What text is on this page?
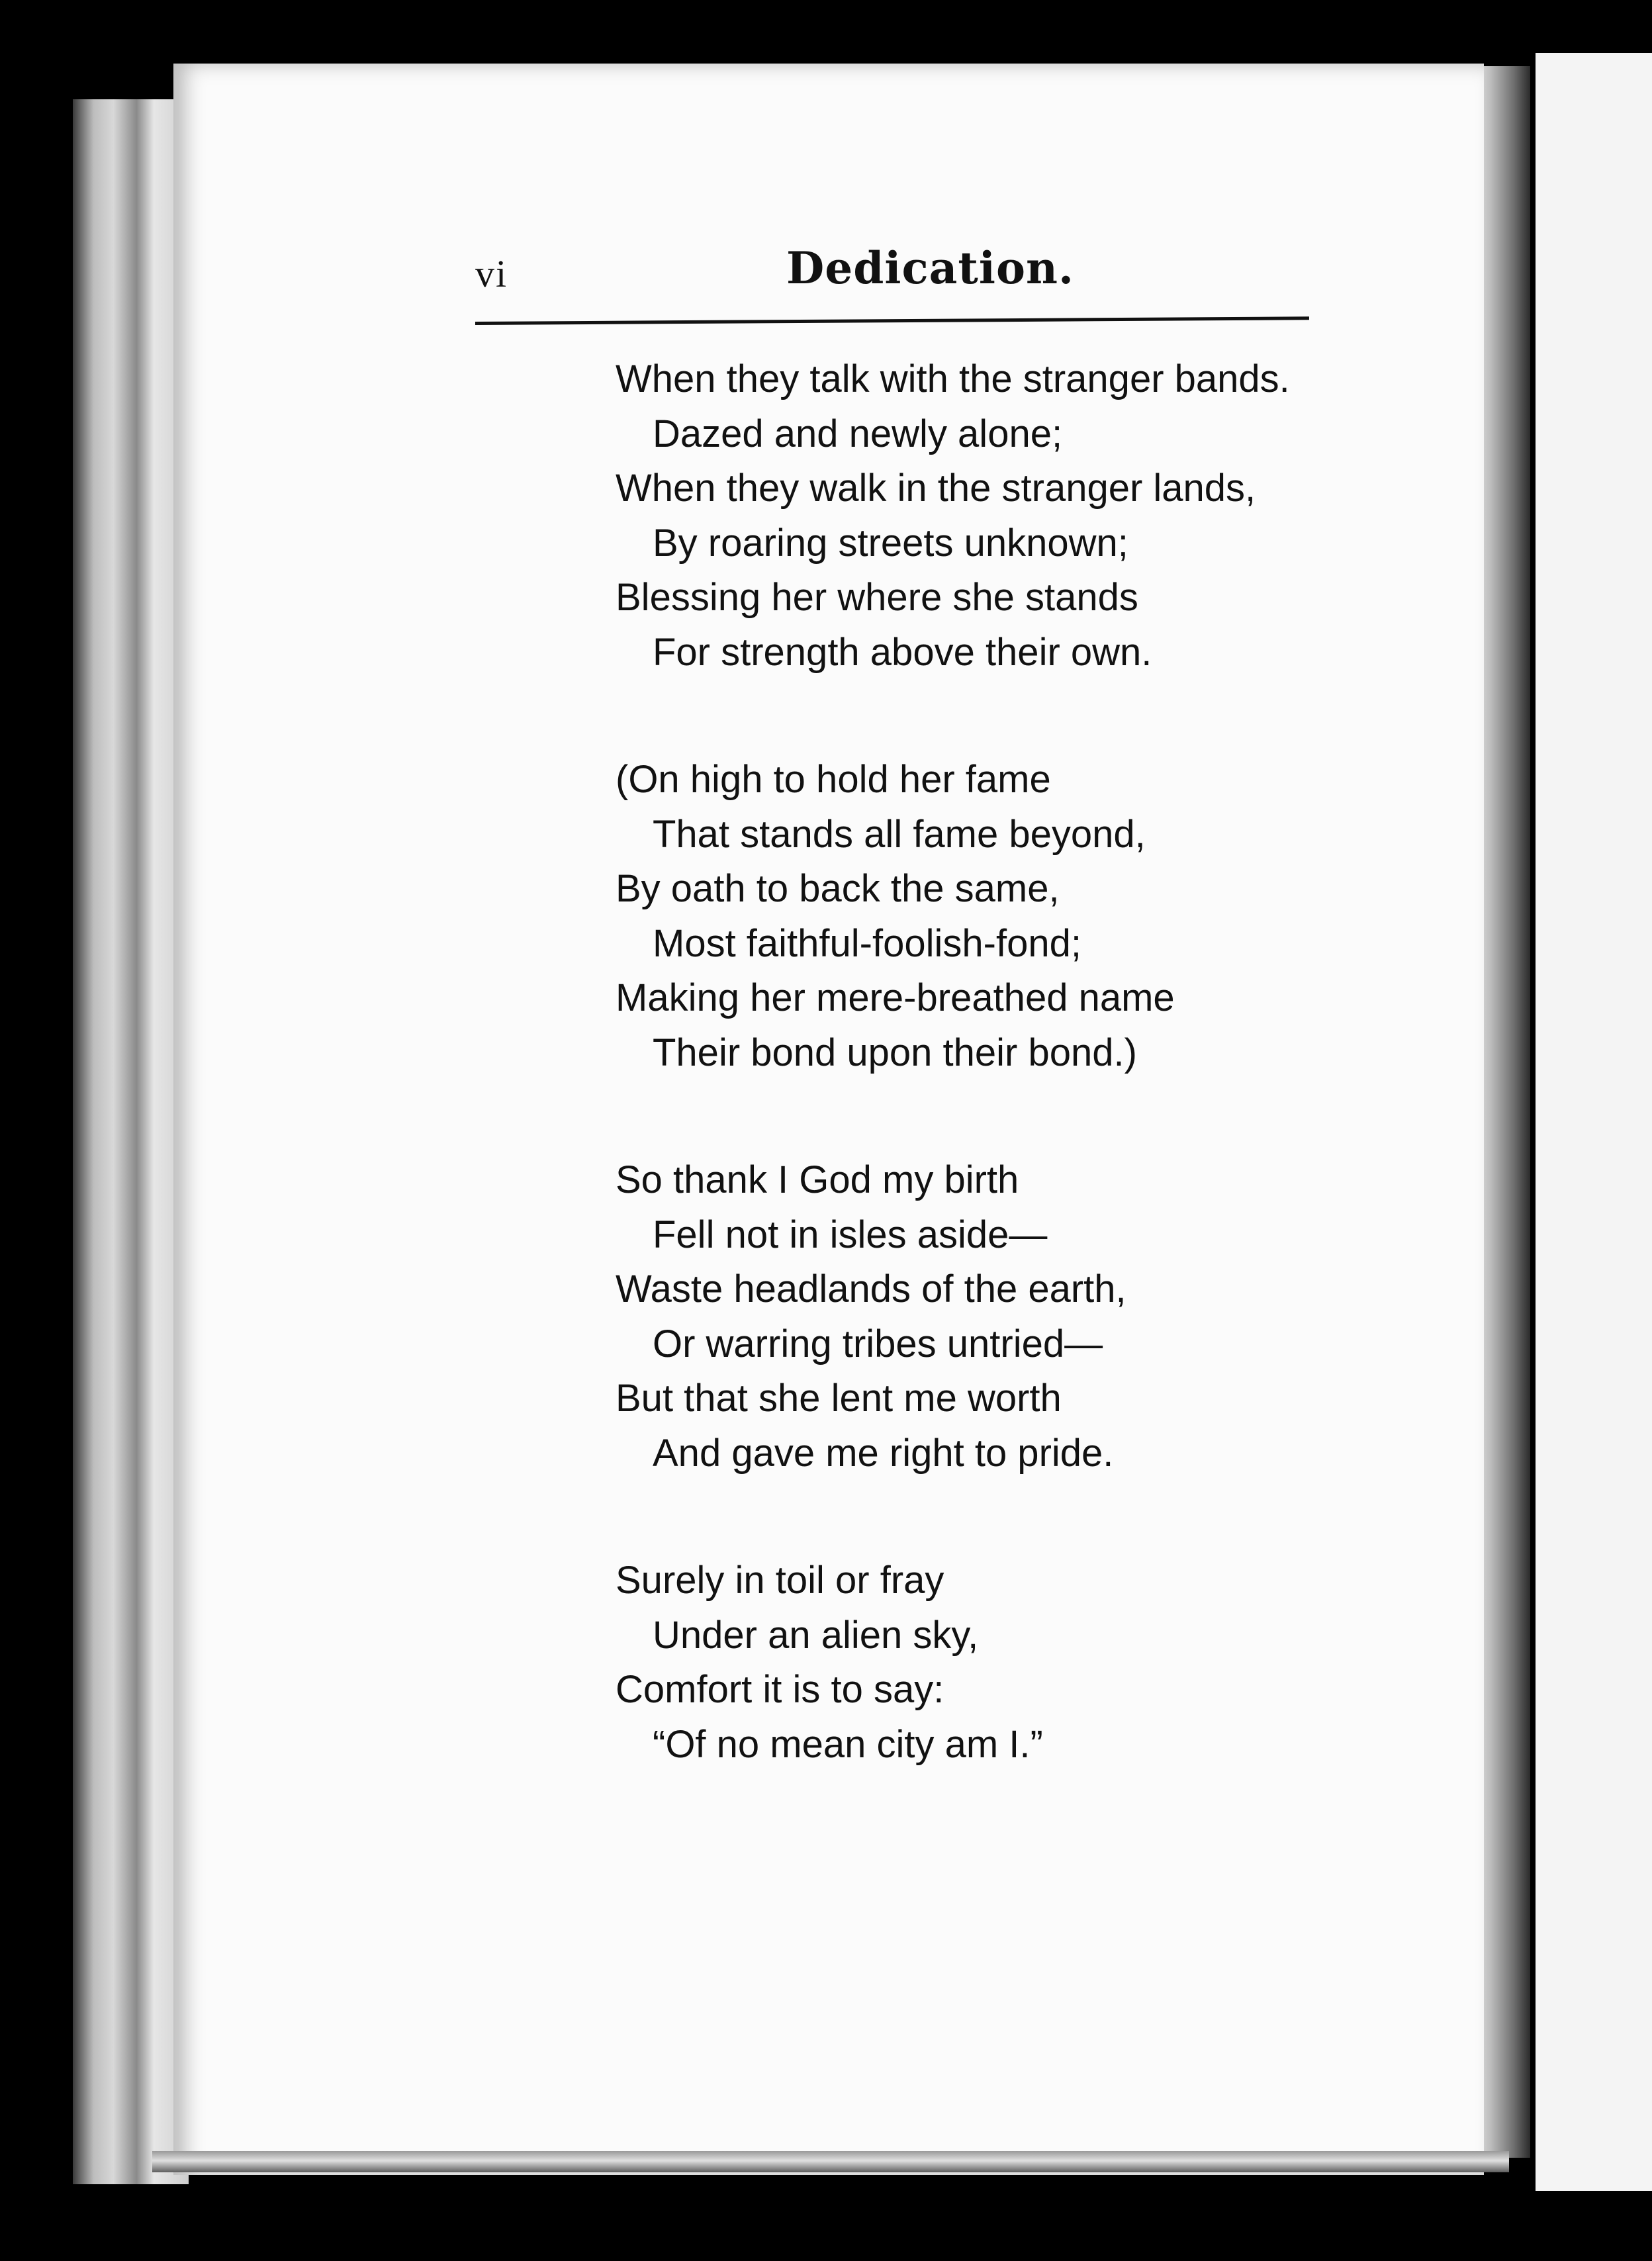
vi	Dedication.
When they talk with the stranger bands.
Dazed and newly alone;
When they walk in the stranger lands,
By roaring streets unknown;
Blessing her where she stands
For strength above their own.
(On high to hold her fame
That stands all fame beyond,
By oath to back the same,
Most faithful-foolish-fond;
Making her mere-breathed name
Their bond upon their bond.)
So thank I God my birth
Fell not in isles aside—
Waste headlands of the earth,
Or warring tribes untried—
But that she lent me worth
And gave me right to pride.
Surely in toil or fray
Under an alien sky,
Comfort it is to say:
“Of no mean city am I.”
